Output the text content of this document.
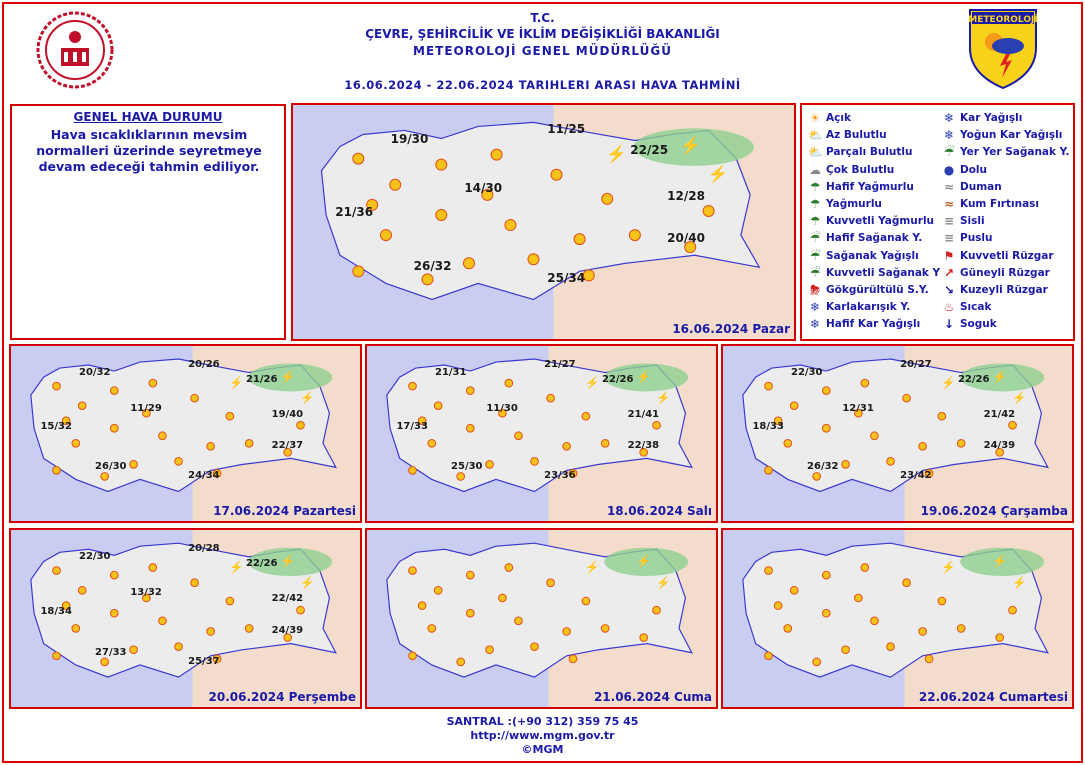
METEOROLOJİ
T.C.
ÇEVRE, ŞEHİRCİLİK VE İKLİM DEĞİŞİKLİĞİ BAKANLIĞI
METEOROLOJİ GENEL MÜDÜRLÜĞÜ
16.06.2024 - 22.06.2024 TARIHLERI ARASI HAVA TAHMİNİ
GENEL HAVA DURUMU
Hava sıcaklıklarının mevsim normalleri üzerinde seyretmeye devam edeceği tahmin ediliyor.
⚡
⚡
⚡
16.06.2024 Pazar
19/30
11/25
22/25
21/36
14/30
12/28
20/40
26/32
25/34
☀ Açık
⛅ Az Bulutlu
⛅ Parçalı Bulutlu
☁ Çok Bulutlu
☂ Hafif Yağmurlu
☂ Yağmurlu
☂ Kuvvetli Yağmurlu
☔ Hafif Sağanak Y.
☔ Sağanak Yağışlı
☔ Kuvvetli Sağanak Y
⛈ Gökgürültülü S.Y.
❄ Karlakarışık Y.
❄ Hafif Kar Yağışlı
❄ Kar Yağışlı
❄ Yoğun Kar Yağışlı
☔ Yer Yer Sağanak Y.
● Dolu
≈ Duman
≈ Kum Fırtınası
≡ Sisli
≡ Puslu
⚑ Kuvvetli Rüzgar
↗ Güneyli Rüzgar
↘ Kuzeyli Rüzgar
♨ Sıcak
↓ Soguk
⚡
⚡
⚡
17.06.2024 Pazartesi
20/32
20/26
21/26
15/32
11/29
19/40
22/37
26/30
24/34
⚡
⚡
⚡
18.06.2024 Salı
21/31
21/27
22/26
17/33
11/30
21/41
22/38
25/30
23/36
⚡
⚡
⚡
19.06.2024 Çarşamba
22/30
20/27
22/26
18/33
12/31
21/42
24/39
26/32
23/42
⚡
⚡
⚡
20.06.2024 Perşembe
22/30
20/28
22/26
18/34
13/32
22/42
24/39
27/33
25/37
⚡
⚡
⚡
21.06.2024 Cuma
⚡
⚡
⚡
22.06.2024 Cumartesi
SANTRAL :(+90 312) 359 75 45
http://www.mgm.gov.tr
©MGM
